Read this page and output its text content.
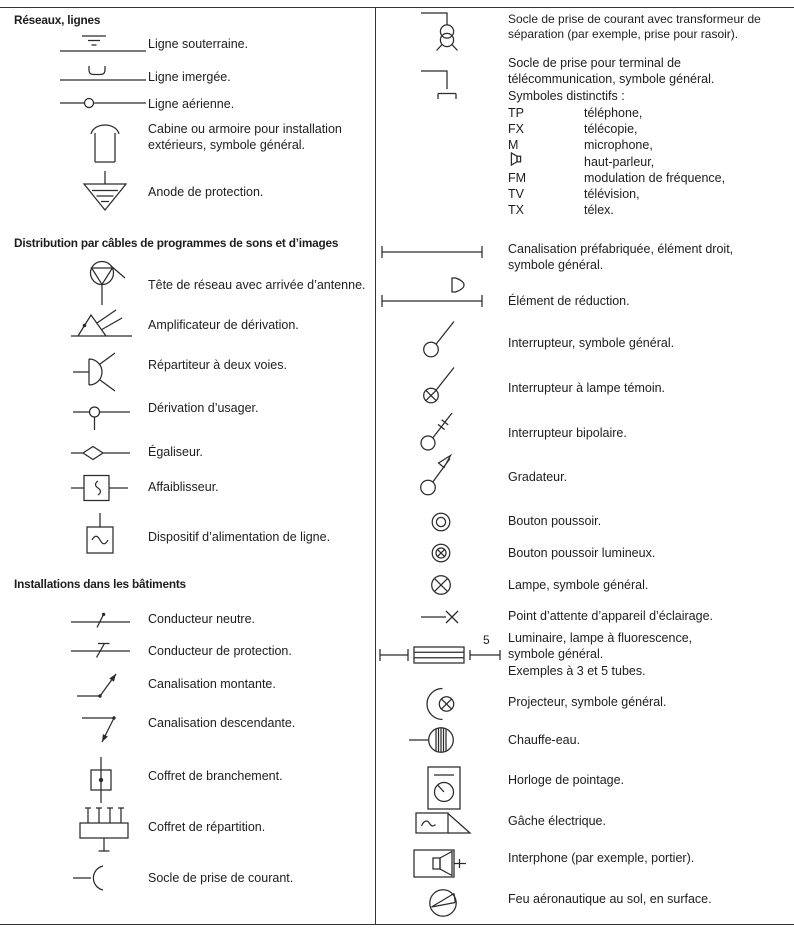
Réseaux, lignes
Ligne souterraine.
Ligne imergée.
Ligne aérienne.
Cabine ou armoire pour installation extérieurs, symbole général.
Anode de protection.
Distribution par câbles de programmes de sons et d’images
Tête de réseau avec arrivée d’antenne.
Amplificateur de dérivation.
Répartiteur à deux voies.
Dérivation d’usager.
Égaliseur.
Affaiblisseur.
Dispositif d’alimentation de ligne.
Installations dans les bâtiments
Conducteur neutre.
Conducteur de protection.
Canalisation montante.
Canalisation descendante.
Coffret de branchement.
Coffret de répartition.
Socle de prise de courant.
Socle de prise de courant avec transformeur de séparation (par exemple, prise pour rasoir).
Socle de prise pour terminal de télécommunication, symbole général.
Symboles distinctifs :
TP	téléphone,
FX	télécopie,
M	microphone,
haut-parleur,
FM	modulation de fréquence,
TV	télévision,
TX	télex.
Canalisation préfabriquée, élément droit, symbole général.
Élément de réduction.
Interrupteur, symbole général.
Interrupteur à lampe témoin.
Interrupteur bipolaire.
Gradateur.
Bouton poussoir.
Bouton poussoir lumineux.
Lampe, symbole général.
Point d’attente d’appareil d’éclairage.
5 Luminaire, lampe à fluorescence, symbole général.
Exemples à 3 et 5 tubes.
Projecteur, symbole général.
Chauffe-eau.
Horloge de pointage.
Gâche électrique.
Interphone (par exemple, portier).
Feu aéronautique au sol, en surface.
